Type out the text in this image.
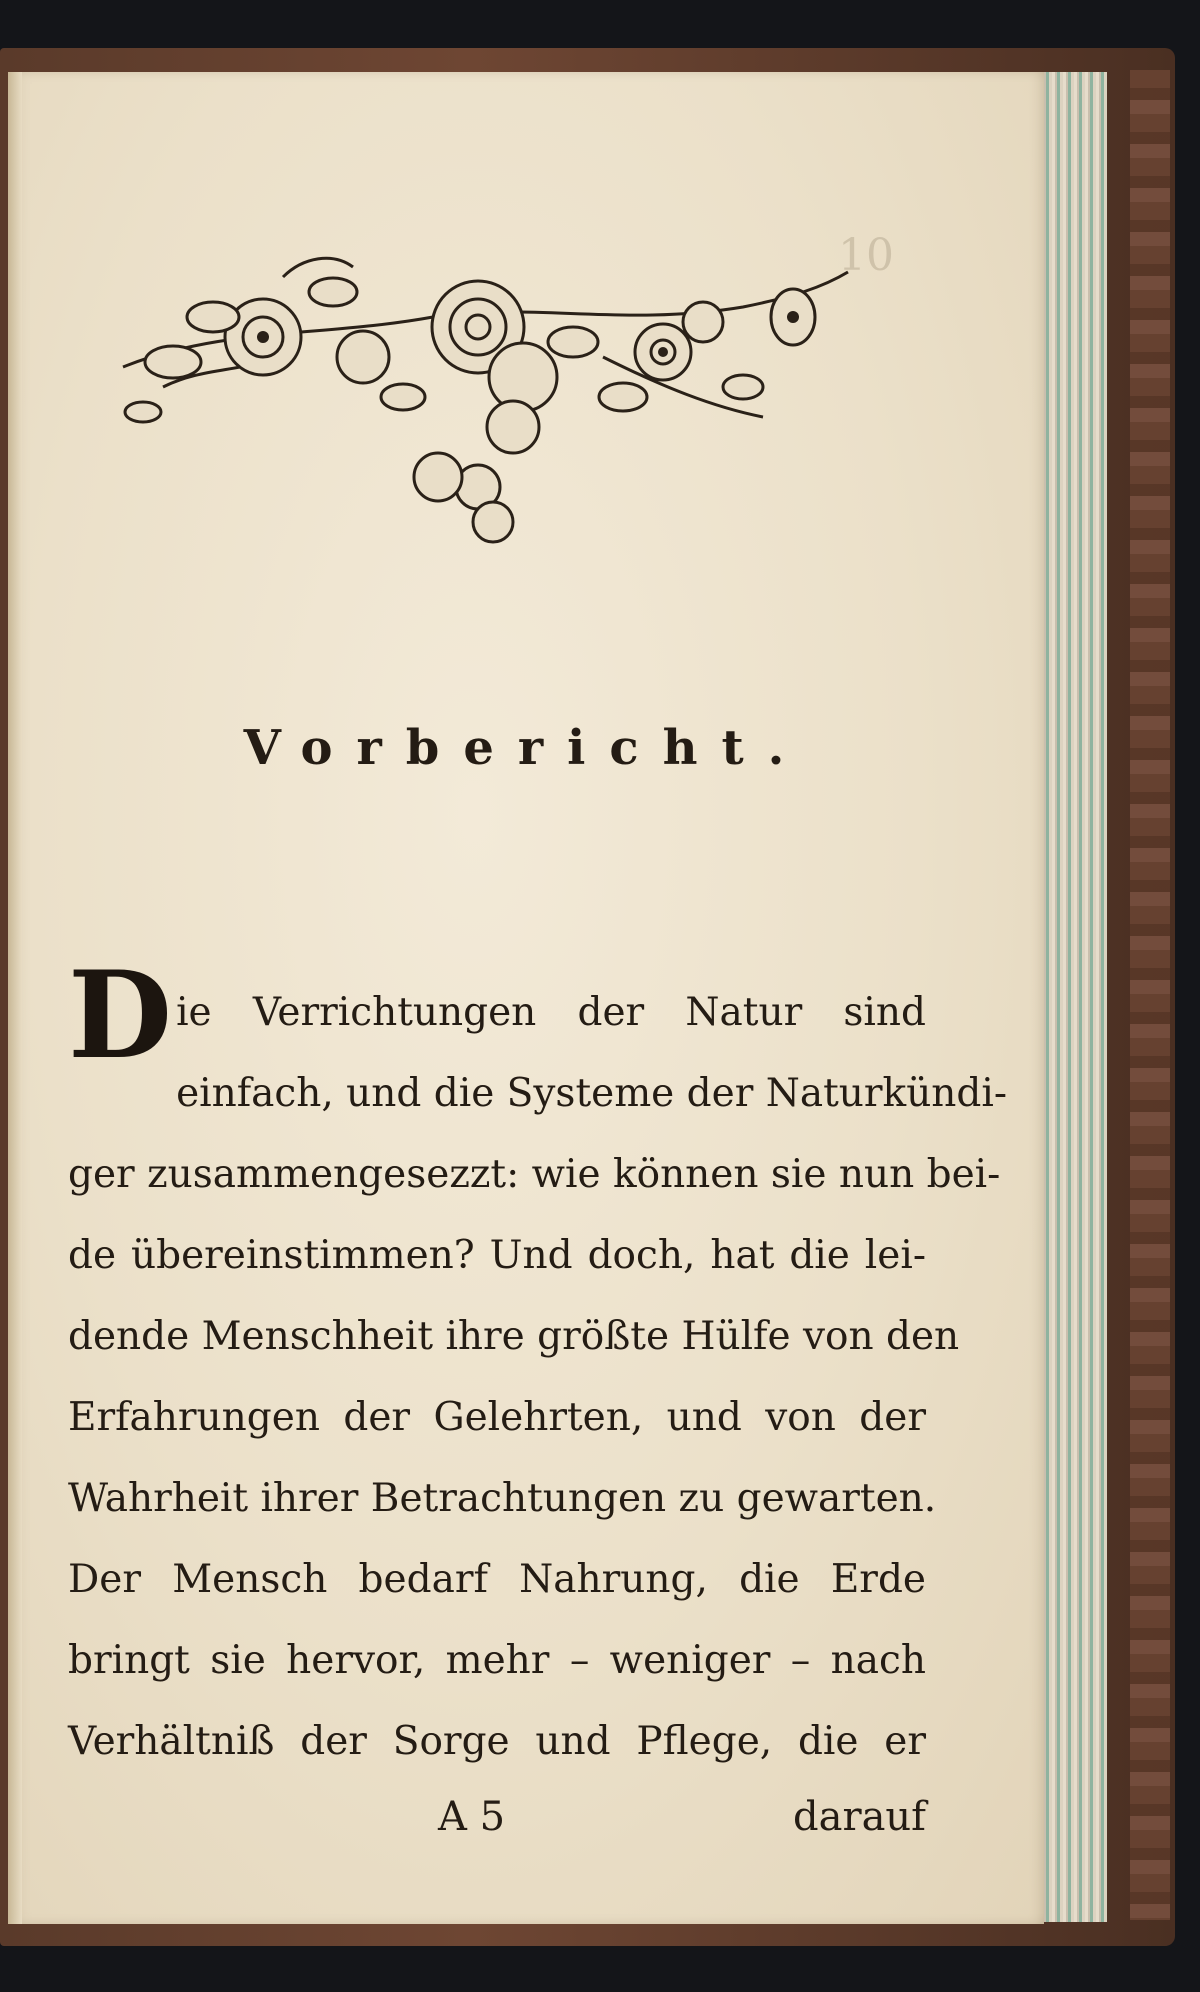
10
Vorbericht.
Die Verrichtungen der Natur sind
einfach, und die Systeme der Naturkündi-
ger zusammengesezzt: wie können sie nun bei-
de übereinstimmen? Und doch, hat die lei-
dende Menschheit ihre größte Hülfe von den
Erfahrungen der Gelehrten, und von der
Wahrheit ihrer Betrachtungen zu gewarten.
Der Mensch bedarf Nahrung, die Erde
bringt sie hervor, mehr – weniger – nach
Verhältniß der Sorge und Pflege, die er
A 5	darauf
